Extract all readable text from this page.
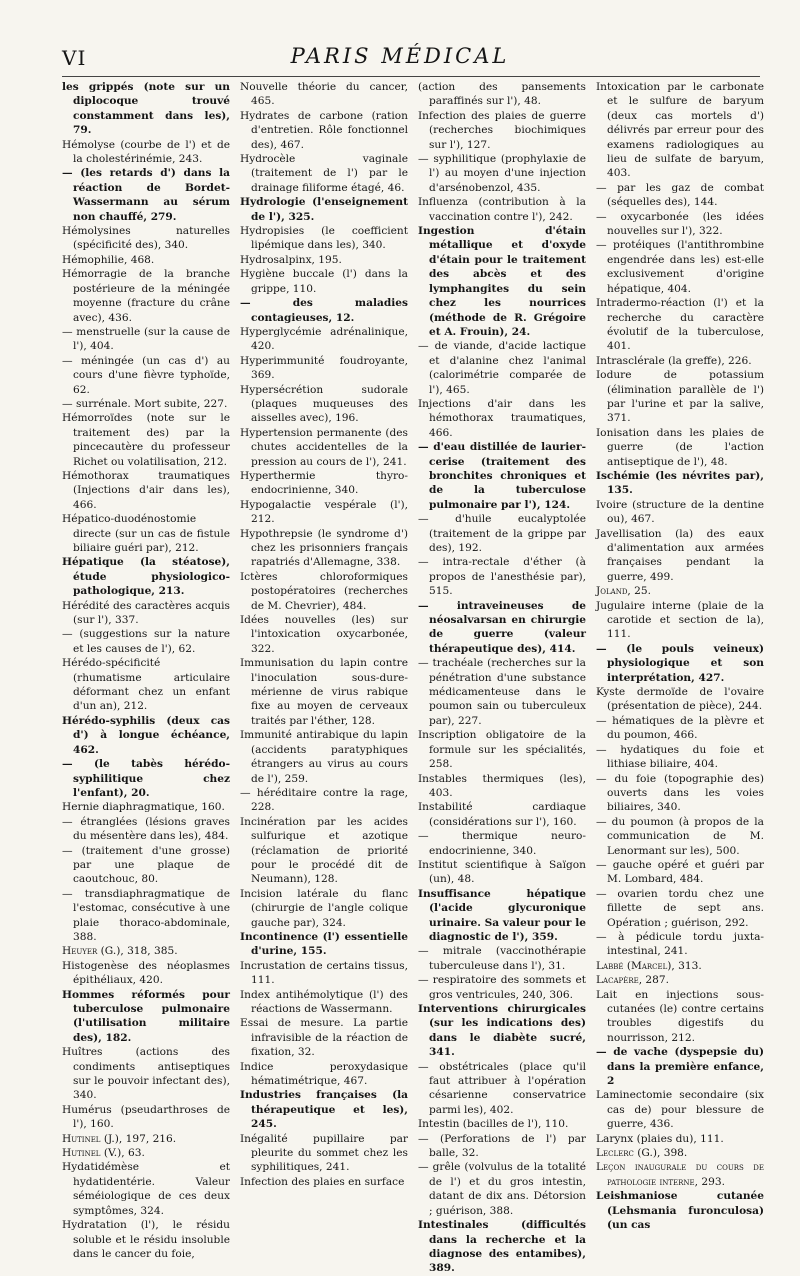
VI	PARIS MÉDICAL

les grippés (note sur un diplocoque trouvé constamment dans les), 79.

Hémolyse (courbe de l') et de la cholestérinémie, 243.

— (les retards d') dans la réaction de Bordet-Wassermann au sérum non chauffé, 279.

Hémolysines naturelles (spécificité des), 340.

Hémophilie, 468.

Hémorragie de la branche postérieure de la méningée moyenne (fracture du crâne avec), 436.

— menstruelle (sur la cause de l'), 404.

— méningée (un cas d') au cours d'une fièvre typhoïde, 62.

— surrénale. Mort subite, 227.

Hémorroïdes (note sur le traitement des) par la pincecautère du professeur Richet ou volatilisation, 212.

Hémothorax traumatiques (Injections d'air dans les), 466.

Hépatico-duodénostomie directe (sur un cas de fistule biliaire guéri par), 212.

Hépatique (la stéatose), étude physiologico-pathologique, 213.

Hérédité des caractères acquis (sur l'), 337.

— (suggestions sur la nature et les causes de l'), 62.

Hérédo-spécificité (rhumatisme articulaire déformant chez un enfant d'un an), 212.

Hérédo-syphilis (deux cas d') à longue échéance, 462.

— (le tabès hérédo-syphilitique chez l'enfant), 20.

Hernie diaphragmatique, 160.

— étranglées (lésions graves du mésentère dans les), 484.

— (traitement d'une grosse) par une plaque de caoutchouc, 80.

— transdiaphragmatique de l'estomac, consécutive à une plaie thoraco-abdominale, 388.

Heuyer (G.), 318, 385.

Histogenèse des néoplasmes épithéliaux, 420.

Hommes réformés pour tuberculose pulmonaire (l'utilisation militaire des), 182.

Huîtres (actions des condiments antiseptiques sur le pouvoir infectant des), 340.

Humérus (pseudarthroses de l'), 160.

Hutinel (J.), 197, 216.

Hutinel (V.), 63.

Hydatidémèse et hydatidentérie. Valeur séméiologique de ces deux symptômes, 324.

Hydratation (l'), le résidu soluble et le résidu insoluble dans le cancer du foie,

Nouvelle théorie du cancer, 465.

Hydrates de carbone (ration d'entretien. Rôle fonctionnel des), 467.

Hydrocèle vaginale (traitement de l') par le drainage filiforme étagé, 46.

Hydrologie (l'enseignement de l'), 325.

Hydropisies (le coefficient lipémique dans les), 340.

Hydrosalpinx, 195.

Hygiène buccale (l') dans la grippe, 110.

— des maladies contagieuses, 12.

Hyperglycémie adrénalinique, 420.

Hyperimmunité foudroyante, 369.

Hypersécrétion sudorale (plaques muqueuses des aisselles avec), 196.

Hypertension permanente (des chutes accidentelles de la pression au cours de l'), 241.

Hyperthermie thyro-endocrinienne, 340.

Hypogalactie vespérale (l'), 212.

Hypothrepsie (le syndrome d') chez les prisonniers français rapatriés d'Allemagne, 338.

Ictères chloroformiques postopératoires (recherches de M. Chevrier), 484.

Idées nouvelles (les) sur l'intoxication oxycarbonée, 322.

Immunisation du lapin contre l'inoculation sous-dure-mérienne de virus rabique fixe au moyen de cerveaux traités par l'éther, 128.

Immunité antirabique du lapin (accidents paratyphiques étrangers au virus au cours de l'), 259.

— héréditaire contre la rage, 228.

Incinération par les acides sulfurique et azotique (réclamation de priorité pour le procédé dit de Neumann), 128.

Incision latérale du flanc (chirurgie de l'angle colique gauche par), 324.

Incontinence (l') essentielle d'urine, 155.

Incrustation de certains tissus, 111.

Index antihémolytique (l') des réactions de Wassermann.

Essai de mesure. La partie infravisible de la réaction de fixation, 32.

Indice peroxydasique hématimétrique, 467.

Industries françaises (la thérapeutique et les), 245.

Inégalité pupillaire par pleurite du sommet chez les syphilitiques, 241.

Infection des plaies en surface

(action des pansements paraffinés sur l'), 48.

Infection des plaies de guerre (recherches biochimiques sur l'), 127.

— syphilitique (prophylaxie de l') au moyen d'une injection d'arsénobenzol, 435.

Influenza (contribution à la vaccination contre l'), 242.

Ingestion d'étain métallique et d'oxyde d'étain pour le traitement des abcès et des lymphangites du sein chez les nourrices (méthode de R. Grégoire et A. Frouin), 24.

— de viande, d'acide lactique et d'alanine chez l'animal (calorimétrie comparée de l'), 465.

Injections d'air dans les hémothorax traumatiques, 466.

— d'eau distillée de laurier-cerise (traitement des bronchites chroniques et de la tuberculose pulmonaire par l'), 124.

— d'huile eucalyptolée (traitement de la grippe par des), 192.

— intra-rectale d'éther (à propos de l'anesthésie par), 515.

— intraveineuses de néosalvarsan en chirurgie de guerre (valeur thérapeutique des), 414.

— trachéale (recherches sur la pénétration d'une substance médicamenteuse dans le poumon sain ou tuberculeux par), 227.

Inscription obligatoire de la formule sur les spécialités, 258.

Instables thermiques (les), 403.

Instabilité cardiaque (considérations sur l'), 160.

— thermique neuro-endocrinienne, 340.

Institut scientifique à Saïgon (un), 48.

Insuffisance hépatique (l'acide glycuronique urinaire. Sa valeur pour le diagnostic de l'), 359.

— mitrale (vaccinothérapie tuberculeuse dans l'), 31.

— respiratoire des sommets et gros ventricules, 240, 306.

Interventions chirurgicales (sur les indications des) dans le diabète sucré, 341.

— obstétricales (place qu'il faut attribuer à l'opération césarienne conservatrice parmi les), 402.

Intestin (bacilles de l'), 110.

— (Perforations de l') par balle, 32.

— grêle (volvulus de la totalité de l') et du gros intestin, datant de dix ans. Détorsion ; guérison, 388.

Intestinales (difficultés dans la recherche et la diagnose des entamibes), 389.

Intoxication par le carbonate et le sulfure de baryum (deux cas mortels d') délivrés par erreur pour des examens radiologiques au lieu de sulfate de baryum, 403.

— par les gaz de combat (séquelles des), 144.

— oxycarbonée (les idées nouvelles sur l'), 322.

— protéiques (l'antithrombine engendrée dans les) est-elle exclusivement d'origine hépatique, 404.

Intradermo-réaction (l') et la recherche du caractère évolutif de la tuberculose, 401.

Intrasclérale (la greffe), 226.

Iodure de potassium (élimination parallèle de l') par l'urine et par la salive, 371.

Ionisation dans les plaies de guerre (de l'action antiseptique de l'), 48.

Ischémie (les névrites par), 135.

Ivoire (structure de la dentine ou), 467.

Javellisation (la) des eaux d'alimentation aux armées françaises pendant la guerre, 499.

Joland, 25.

Jugulaire interne (plaie de la carotide et section de la), 111.

— (le pouls veineux) physiologique et son interprétation, 427.

Kyste dermoïde de l'ovaire (présentation de pièce), 244.

— hématiques de la plèvre et du poumon, 466.

— hydatiques du foie et lithiase biliaire, 404.

— du foie (topographie des) ouverts dans les voies biliaires, 340.

— du poumon (à propos de la communication de M. Lenormant sur les), 500.

— gauche opéré et guéri par M. Lombard, 484.

— ovarien tordu chez une fillette de sept ans. Opération ; guérison, 292.

— à pédicule tordu juxta-intestinal, 241.

Labbé (Marcel), 313.

Lacapère, 287.

Lait en injections sous-cutanées (le) contre certains troubles digestifs du nourrisson, 212.

— de vache (dyspepsie du) dans la première enfance, 2

Laminectomie secondaire (six cas de) pour blessure de guerre, 436.

Larynx (plaies du), 111.

Leclerc (G.), 398.

Leçon inaugurale du cours de pathologie interne, 293.

Leishmaniose cutanée (Lehsmania furonculosa) (un cas
